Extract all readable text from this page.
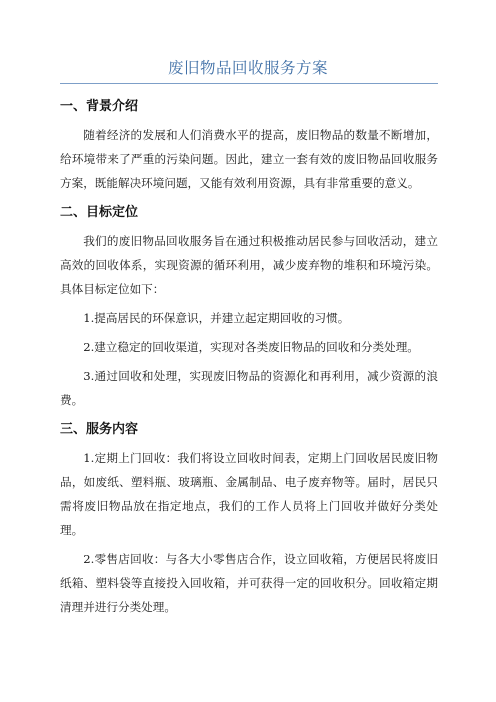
废旧物品回收服务方案
一、背景介绍

随着经济的发展和人们消费水平的提高，废旧物品的数量不断增加，给环境带来了严重的污染问题。因此，建立一套有效的废旧物品回收服务方案，既能解决环境问题，又能有效利用资源，具有非常重要的意义。

二、目标定位

我们的废旧物品回收服务旨在通过积极推动居民参与回收活动，建立高效的回收体系，实现资源的循环利用，减少废弃物的堆积和环境污染。具体目标定位如下：

1.提高居民的环保意识，并建立起定期回收的习惯。

2.建立稳定的回收渠道，实现对各类废旧物品的回收和分类处理。

3.通过回收和处理，实现废旧物品的资源化和再利用，减少资源的浪费。

三、服务内容

1.定期上门回收：我们将设立回收时间表，定期上门回收居民废旧物品，如废纸、塑料瓶、玻璃瓶、金属制品、电子废弃物等。届时，居民只需将废旧物品放在指定地点，我们的工作人员将上门回收并做好分类处理。

2.零售店回收：与各大小零售店合作，设立回收箱，方便居民将废旧纸箱、塑料袋等直接投入回收箱，并可获得一定的回收积分。回收箱定期清理并进行分类处理。
